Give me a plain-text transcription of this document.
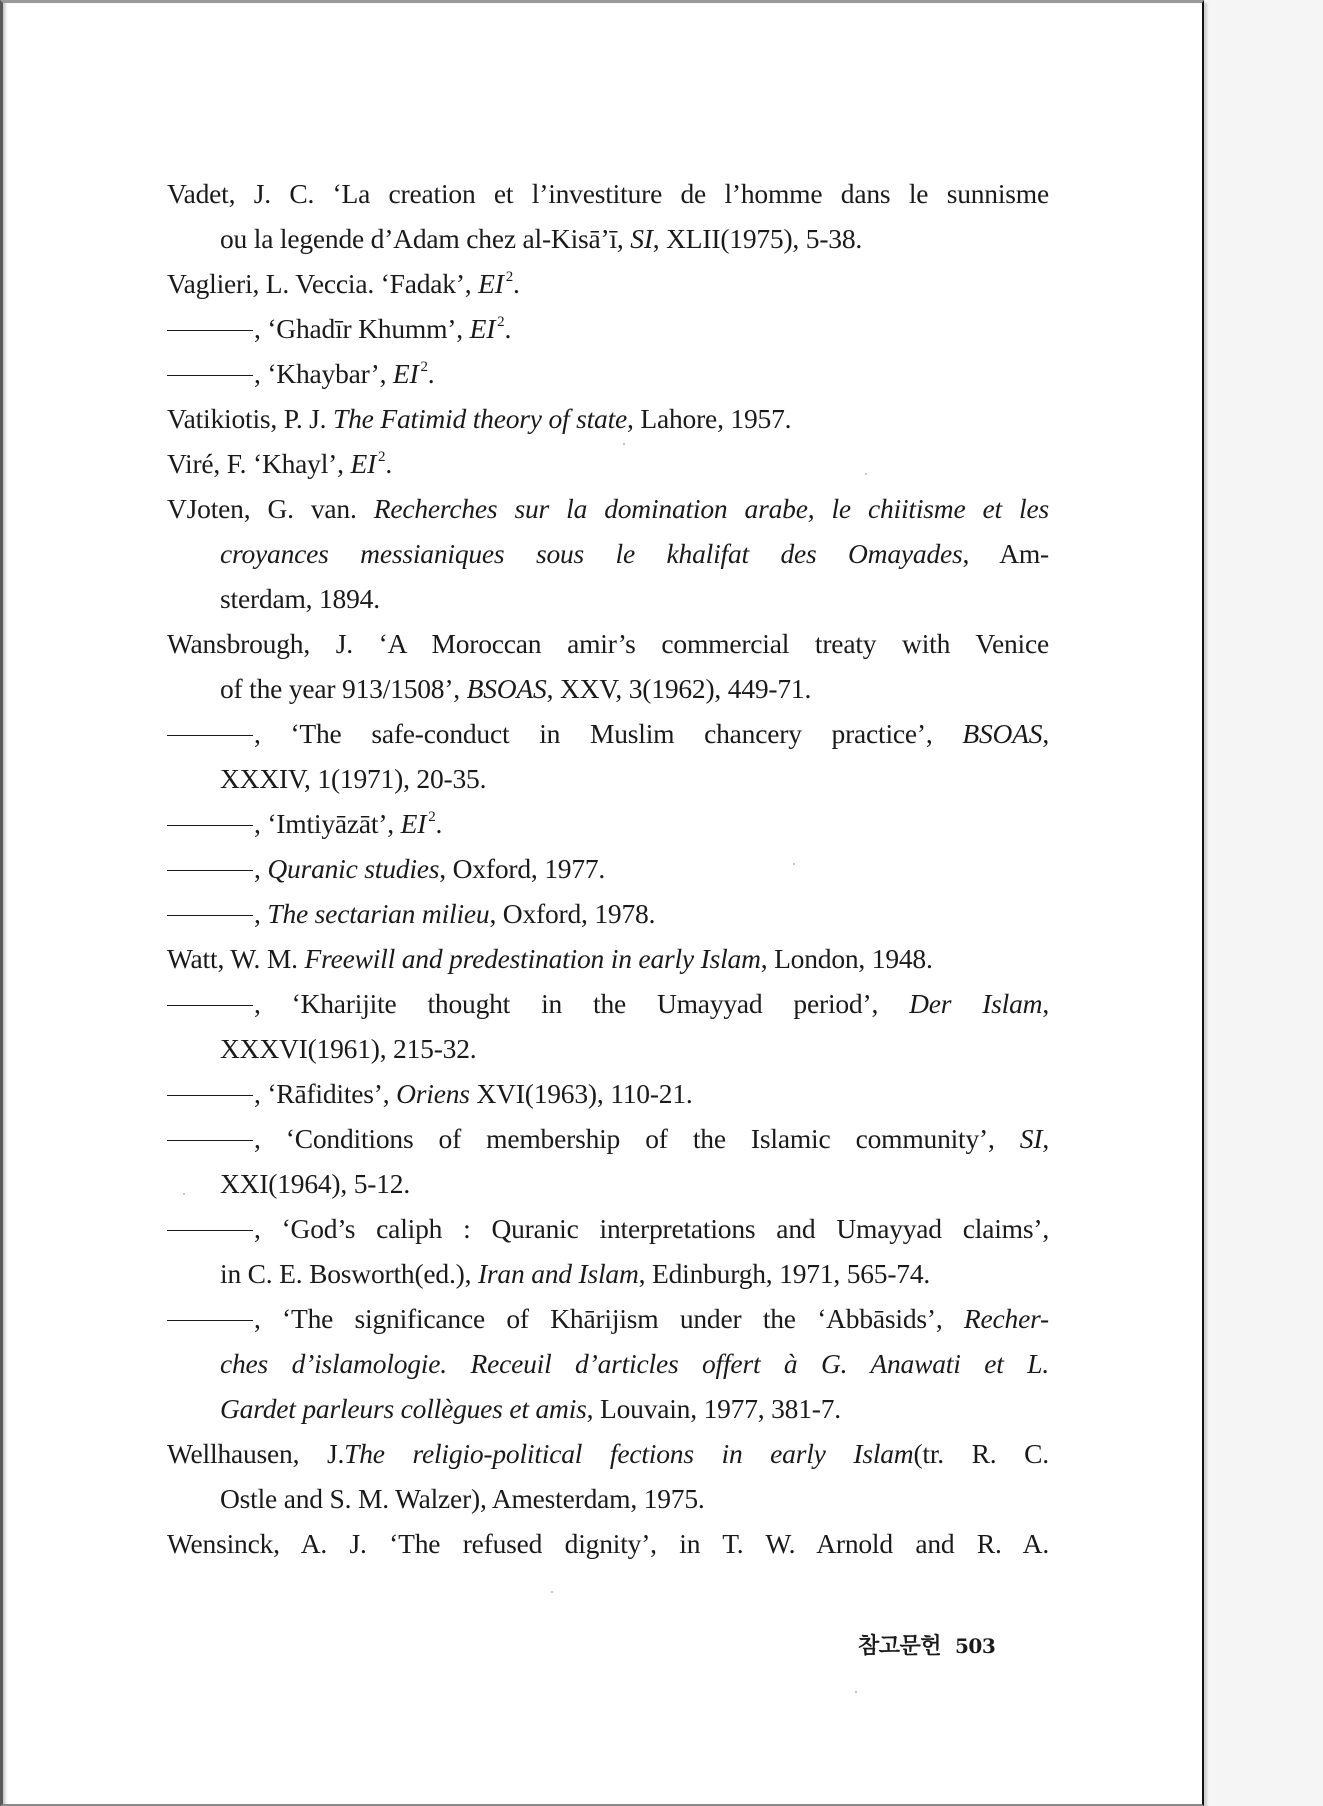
Vadet, J. C. ‘La creation et l’investiture de l’homme dans le sunnisme
ou la legende d’Adam chez al-Kisā’ī, SI, XLII(1975), 5-38.
Vaglieri, L. Veccia. ‘Fadak’, EI $^2$.
, ‘Ghadīr Khumm’, EI $^2$.
, ‘Khaybar’, EI $^2$.
Vatikiotis, P. J. The Fatimid theory of state, Lahore, 1957.
Viré, F. ‘Khayl’, EI $^2$.
VJoten, G. van. Recherches sur la domination arabe, le chiitisme et les
croyances messianiques sous le khalifat des Omayades, Am-
sterdam, 1894.
Wansbrough, J. ‘A Moroccan amir’s commercial treaty with Venice
of the year 913/1508’, BSOAS, XXV, 3(1962), 449-71.
, ‘The safe-conduct in Muslim chancery practice’, BSOAS,
XXXIV, 1(1971), 20-35.
, ‘Imtiyāzāt’, EI $^2$.
, Quranic studies, Oxford, 1977.
, The sectarian milieu, Oxford, 1978.
Watt, W. M. Freewill and predestination in early Islam, London, 1948.
, ‘Kharijite thought in the Umayyad period’, Der Islam,
XXXVI(1961), 215-32.
, ‘Rāfidites’, Oriens XVI(1963), 110-21.
, ‘Conditions of membership of the Islamic community’, SI,
XXI(1964), 5-12.
, ‘God’s caliph : Quranic interpretations and Umayyad claims’,
in C. E. Bosworth(ed.), Iran and Islam, Edinburgh, 1971, 565-74.
, ‘The significance of Khārijism under the ‘Abbāsids’, Recher-
ches d’islamologie. Receuil d’articles offert à G. Anawati et L.
Gardet parleurs collègues et amis, Louvain, 1977, 381-7.
Wellhausen, J.The religio-political fections in early Islam(tr. R. C.
Ostle and S. M. Walzer), Amesterdam, 1975.
Wensinck, A. J. ‘The refused dignity’, in T. W. Arnold and R. A.
참고문헌 503
